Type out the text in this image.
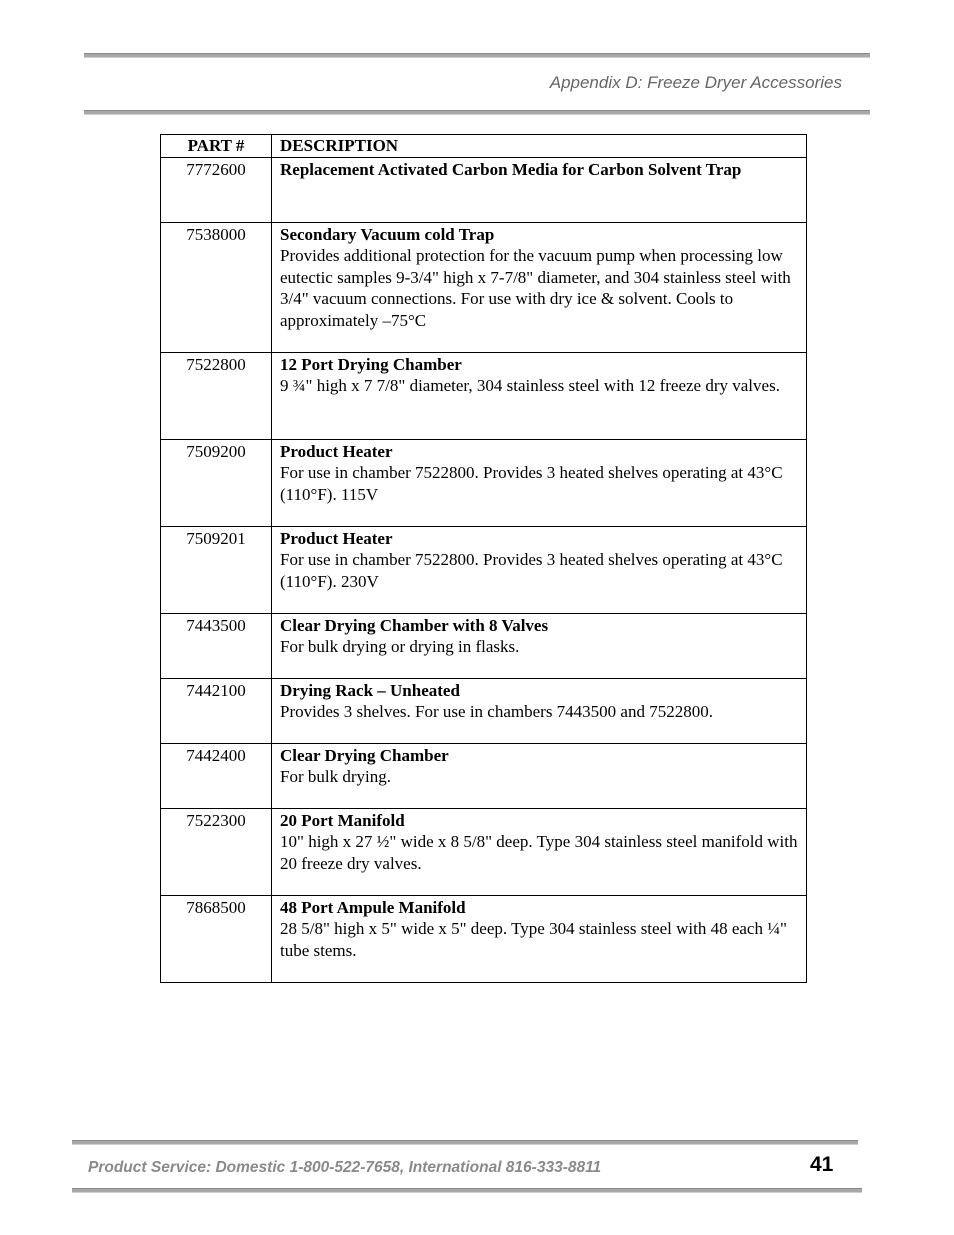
Appendix D: Freeze Dryer Accessories
PART #	DESCRIPTION
7772600	Replacement Activated Carbon Media for Carbon Solvent Trap

7538000	Secondary Vacuum cold Trap
Provides additional protection for the vacuum pump when processing low eutectic samples 9-3/4" high x 7-7/8" diameter, and 304 stainless steel with 3/4" vacuum connections. For use with dry ice & solvent. Cools to approximately –75°C

7522800	12 Port Drying Chamber
9 ¾" high x 7 7/8" diameter, 304 stainless steel with 12 freeze dry valves.

7509200	Product Heater
For use in chamber 7522800. Provides 3 heated shelves operating at 43°C (110°F). 115V

7509201	Product Heater
For use in chamber 7522800. Provides 3 heated shelves operating at 43°C (110°F). 230V

7443500	Clear Drying Chamber with 8 Valves
For bulk drying or drying in flasks.

7442100	Drying Rack – Unheated
Provides 3 shelves. For use in chambers 7443500 and 7522800.

7442400	Clear Drying Chamber
For bulk drying.

7522300	20 Port Manifold
10" high x 27 ½" wide x 8 5/8" deep. Type 304 stainless steel manifold with 20 freeze dry valves.

7868500	48 Port Ampule Manifold
28 5/8" high x 5" wide x 5" deep. Type 304 stainless steel with 48 each ¼" tube stems.
Product Service: Domestic 1-800-522-7658, International 816-333-8811	41
